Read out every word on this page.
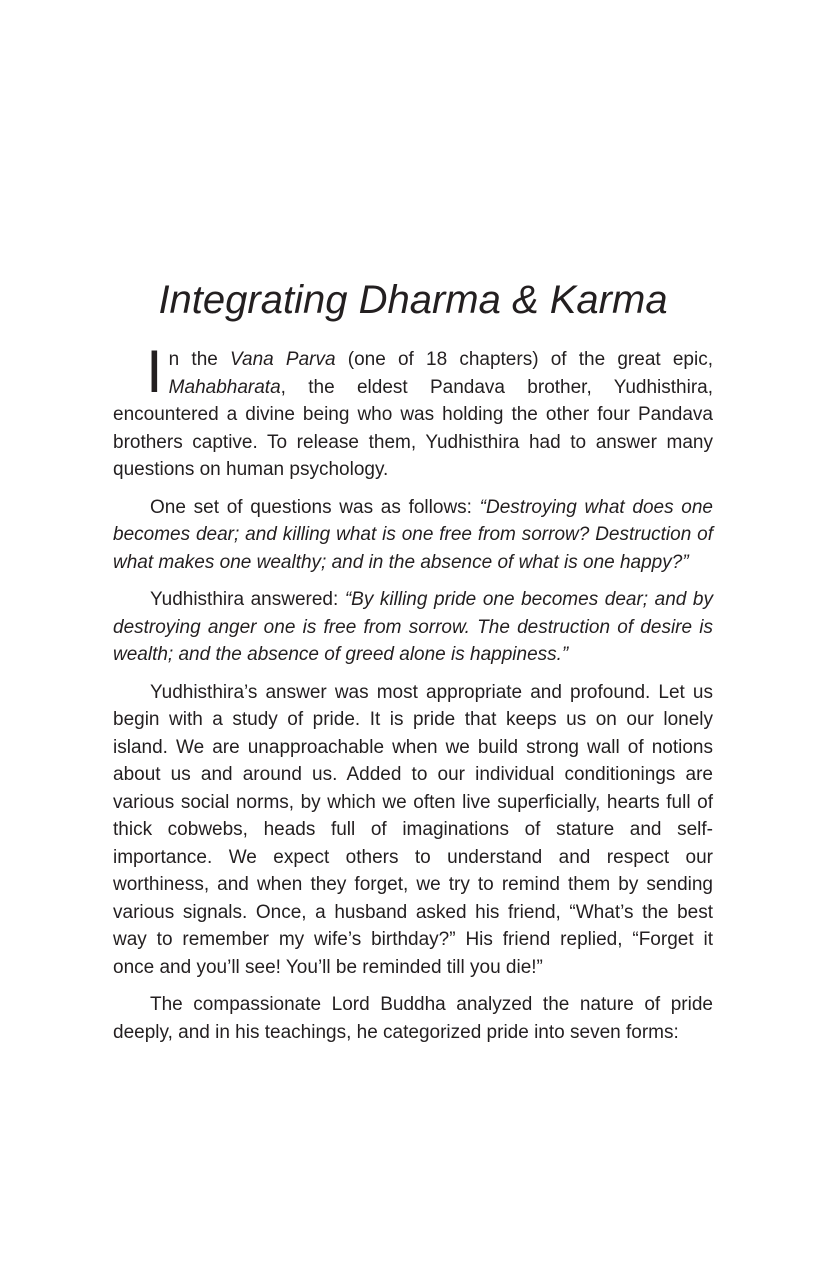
Integrating Dharma & Karma

In the Vana Parva (one of 18 chapters) of the great epic, Mahabharata, the eldest Pandava brother, Yudhisthira, encountered a divine being who was holding the other four Pandava brothers captive. To release them, Yudhisthira had to answer many questions on human psychology.

One set of questions was as follows: “Destroying what does one becomes dear; and killing what is one free from sorrow? Destruction of what makes one wealthy; and in the absence of what is one happy?”

Yudhisthira answered: “By killing pride one becomes dear; and by destroying anger one is free from sorrow. The destruction of desire is wealth; and the absence of greed alone is happiness.”

Yudhisthira’s answer was most appropriate and profound. Let us begin with a study of pride. It is pride that keeps us on our lonely island. We are unapproachable when we build strong wall of notions about us and around us. Added to our individual conditionings are various social norms, by which we often live superficially, hearts full of thick cobwebs, heads full of imaginations of stature and self-importance. We expect others to understand and respect our worthiness, and when they forget, we try to remind them by sending various signals. Once, a husband asked his friend, “What’s the best way to remember my wife’s birthday?” His friend replied, “Forget it once and you’ll see! You’ll be reminded till you die!”

The compassionate Lord Buddha analyzed the nature of pride deeply, and in his teachings, he categorized pride into seven forms:
